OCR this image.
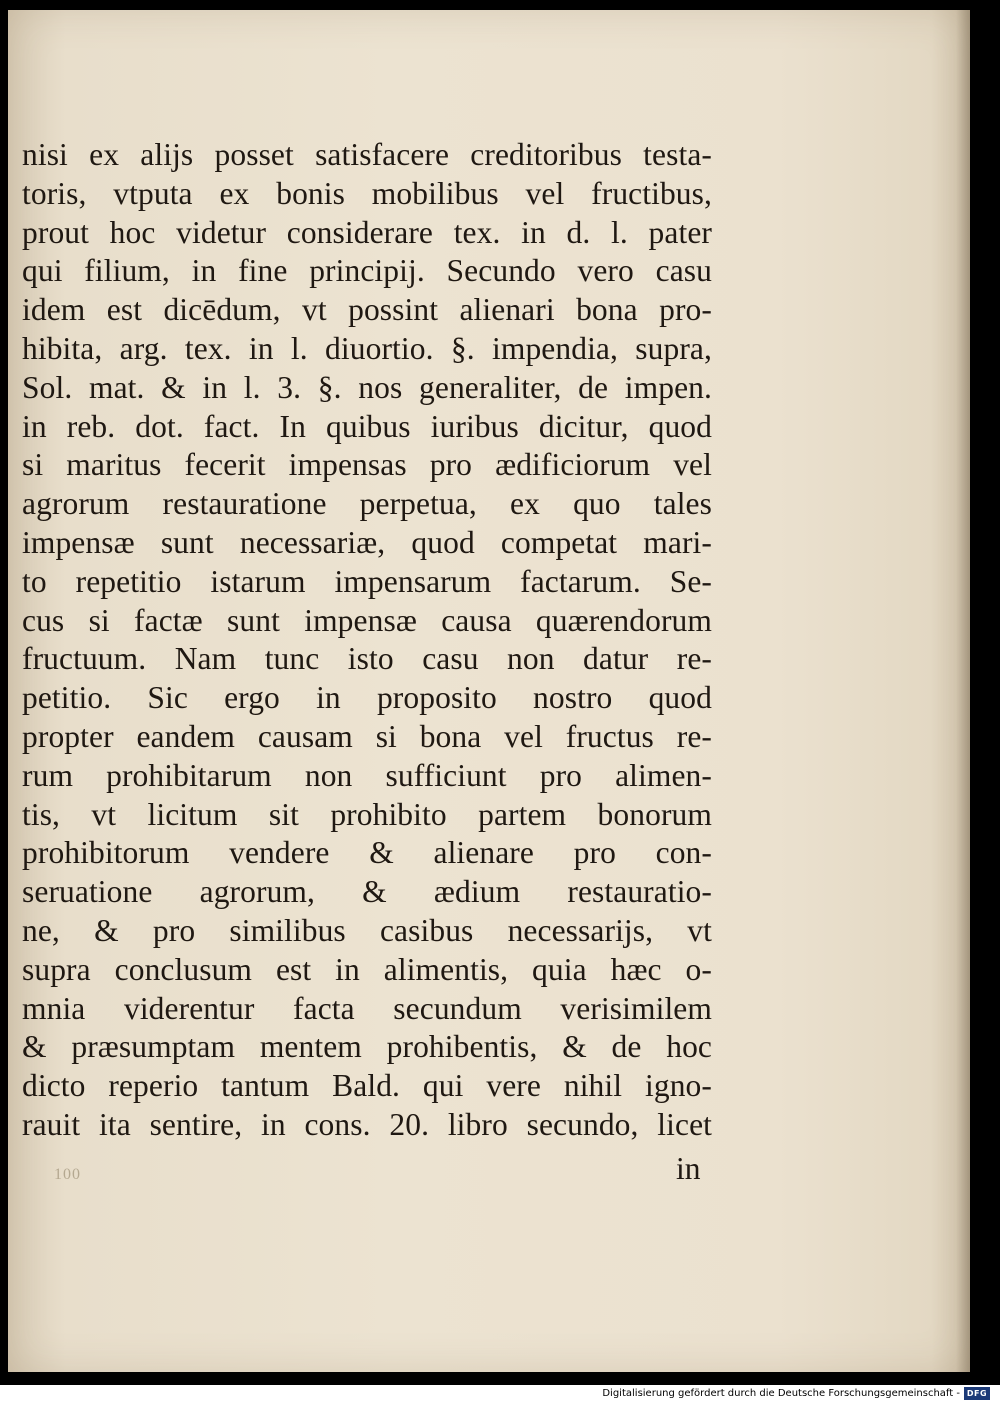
nisi ex alijs posset satisfacere creditoribus testa-
toris, vtputa ex bonis mobilibus vel fructibus,
prout hoc videtur considerare tex. in d. l. pater
qui filium, in fine principij. Secundo vero casu
idem est dicēdum, vt possint alienari bona pro-
hibita, arg. tex. in l. diuortio. §. impendia, supra,
Sol. mat. & in l. 3. §. nos generaliter, de impen.
in reb. dot. fact. In quibus iuribus dicitur, quod
si maritus fecerit impensas pro ædificiorum vel
agrorum restauratione perpetua, ex quo tales
impensæ sunt necessariæ, quod competat mari-
to repetitio istarum impensarum factarum. Se-
cus si factæ sunt impensæ causa quærendorum
fructuum. Nam tunc isto casu non datur re-
petitio. Sic ergo in proposito nostro quod
propter eandem causam si bona vel fructus re-
rum prohibitarum non sufficiunt pro alimen-
tis, vt licitum sit prohibito partem bonorum
prohibitorum vendere & alienare pro con-
seruatione agrorum, & ædium restauratio-
ne, & pro similibus casibus necessarijs, vt
supra conclusum est in alimentis, quia hæc o-
mnia viderentur facta secundum verisimilem
& præsumptam mentem prohibentis, & de hoc
dicto reperio tantum Bald. qui vere nihil igno-
rauit ita sentire, in cons. 20. libro secundo, licet
100	in
Digitalisierung gefördert durch die Deutsche Forschungsgemeinschaft - DFG
